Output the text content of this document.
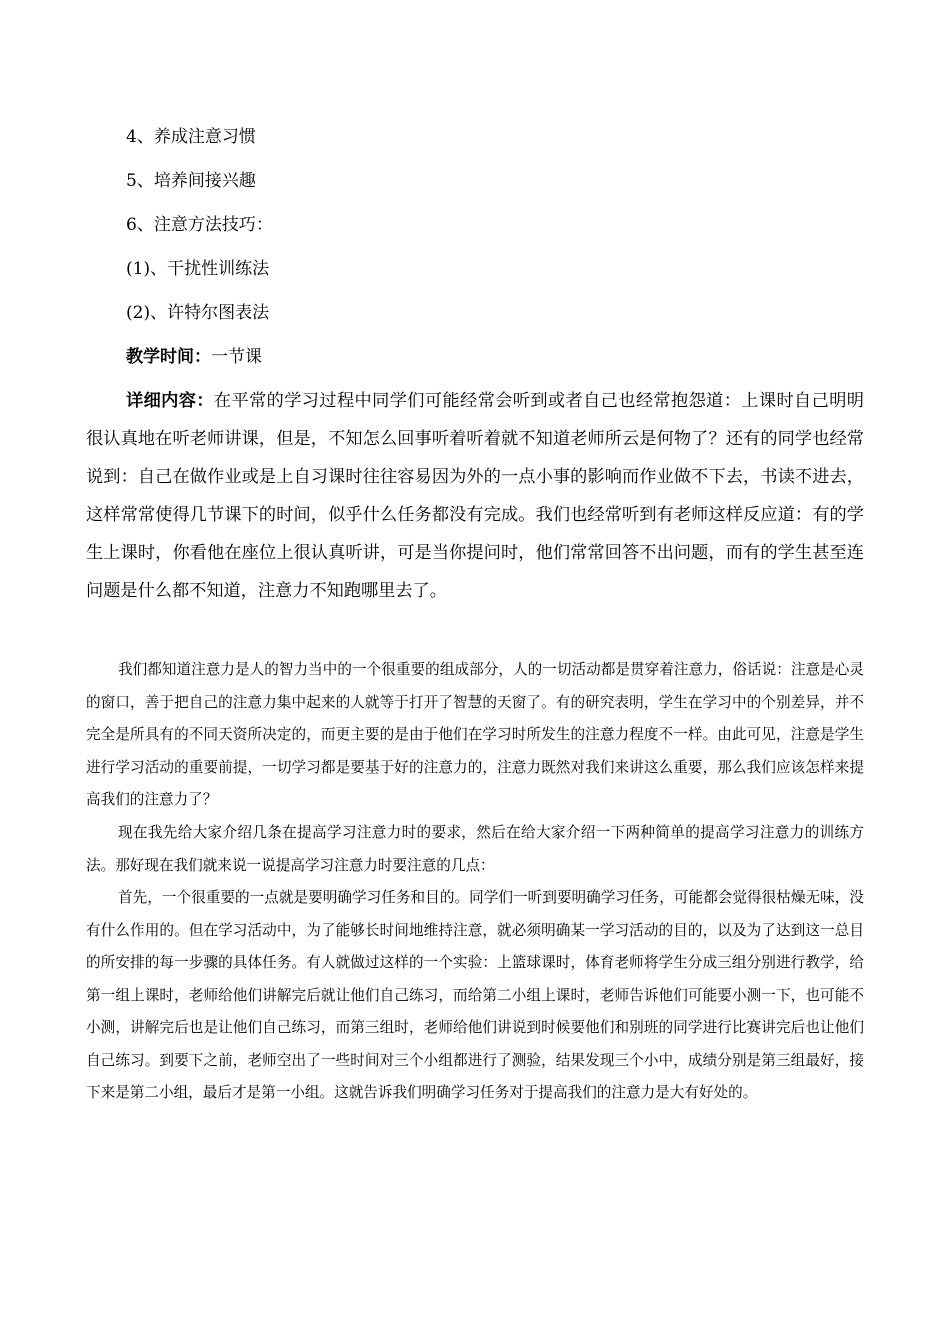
4、养成注意习惯
5、培养间接兴趣
6、注意方法技巧：
(1)、干扰性训练法
(2)、许特尔图表法
教学时间：一节课
详细内容：在平常的学习过程中同学们可能经常会听到或者自己也经常抱怨道：上课时自己明明很认真地在听老师讲课，但是，不知怎么回事听着听着就不知道老师所云是何物了？还有的同学也经常说到：自己在做作业或是上自习课时往往容易因为外的一点小事的影响而作业做不下去，书读不进去，这样常常使得几节课下的时间，似乎什么任务都没有完成。我们也经常听到有老师这样反应道：有的学生上课时，你看他在座位上很认真听讲，可是当你提问时，他们常常回答不出问题，而有的学生甚至连问题是什么都不知道，注意力不知跑哪里去了。
我们都知道注意力是人的智力当中的一个很重要的组成部分，人的一切活动都是贯穿着注意力，俗话说：注意是心灵的窗口，善于把自己的注意力集中起来的人就等于打开了智慧的天窗了。有的研究表明，学生在学习中的个别差异，并不完全是所具有的不同天资所决定的，而更主要的是由于他们在学习时所发生的注意力程度不一样。由此可见，注意是学生进行学习活动的重要前提，一切学习都是要基于好的注意力的，注意力既然对我们来讲这么重要，那么我们应该怎样来提高我们的注意力了？
现在我先给大家介绍几条在提高学习注意力时的要求，然后在给大家介绍一下两种简单的提高学习注意力的训练方法。那好现在我们就来说一说提高学习注意力时要注意的几点：
首先，一个很重要的一点就是要明确学习任务和目的。同学们一听到要明确学习任务，可能都会觉得很枯燥无味，没有什么作用的。但在学习活动中，为了能够长时间地维持注意，就必须明确某一学习活动的目的，以及为了达到这一总目的所安排的每一步骤的具体任务。有人就做过这样的一个实验：上篮球课时，体育老师将学生分成三组分别进行教学，给第一组上课时，老师给他们讲解完后就让他们自己练习，而给第二小组上课时，老师告诉他们可能要小测一下，也可能不小测，讲解完后也是让他们自己练习，而第三组时，老师给他们讲说到时候要他们和别班的同学进行比赛讲完后也让他们自己练习。到要下之前，老师空出了一些时间对三个小组都进行了测验，结果发现三个小中，成绩分别是第三组最好，接下来是第二小组，最后才是第一小组。这就告诉我们明确学习任务对于提高我们的注意力是大有好处的。
